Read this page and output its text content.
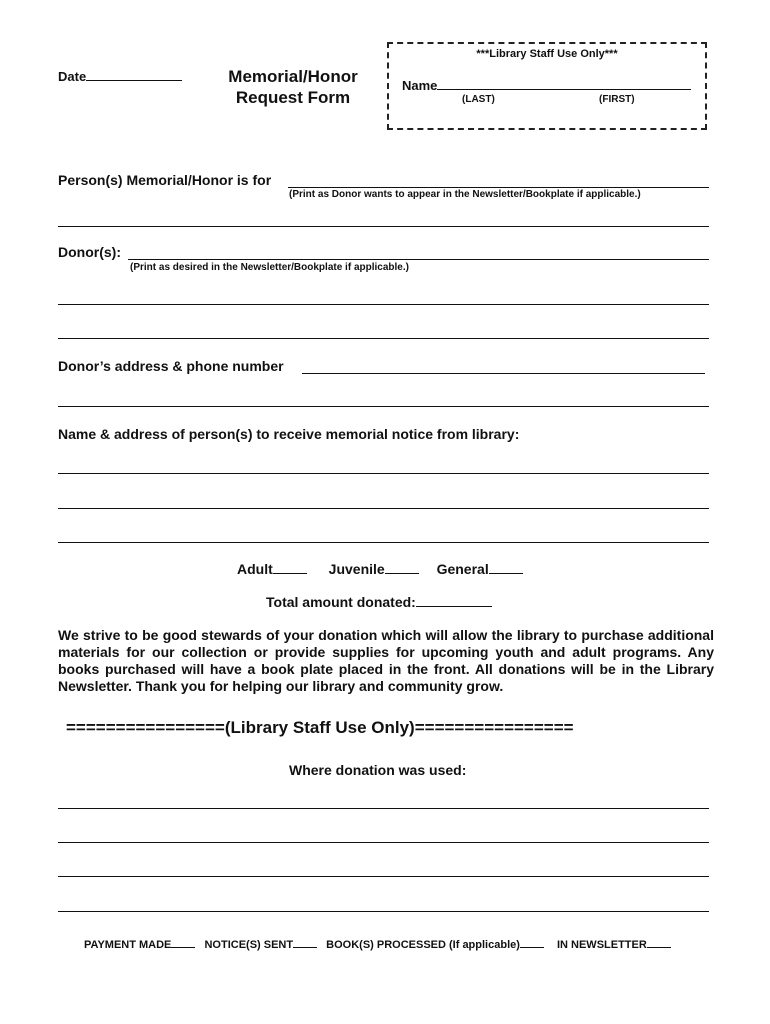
Date	Memorial/Honor
Request Form
***Library Staff Use Only***
Name
(LAST)	(FIRST)
Person(s) Memorial/Honor is for
(Print as Donor wants to appear in the Newsletter/Bookplate if applicable.)
Donor(s):
(Print as desired in the Newsletter/Bookplate if applicable.)
Donor’s address & phone number
Name & address of person(s) to receive memorial notice from library:
Adult	Juvenile	General
Total amount donated:
We strive to be good stewards of your donation which will allow the library to purchase additional materials for our collection or provide supplies for upcoming youth and adult programs. Any books purchased will have a book plate placed in the front. All donations will be in the Library Newsletter. Thank you for helping our library and community grow.
================(Library Staff Use Only)================
Where donation was used:
PAYMENT MADE	NOTICE(S) SENT	BOOK(S) PROCESSED (If applicable)	IN NEWSLETTER
